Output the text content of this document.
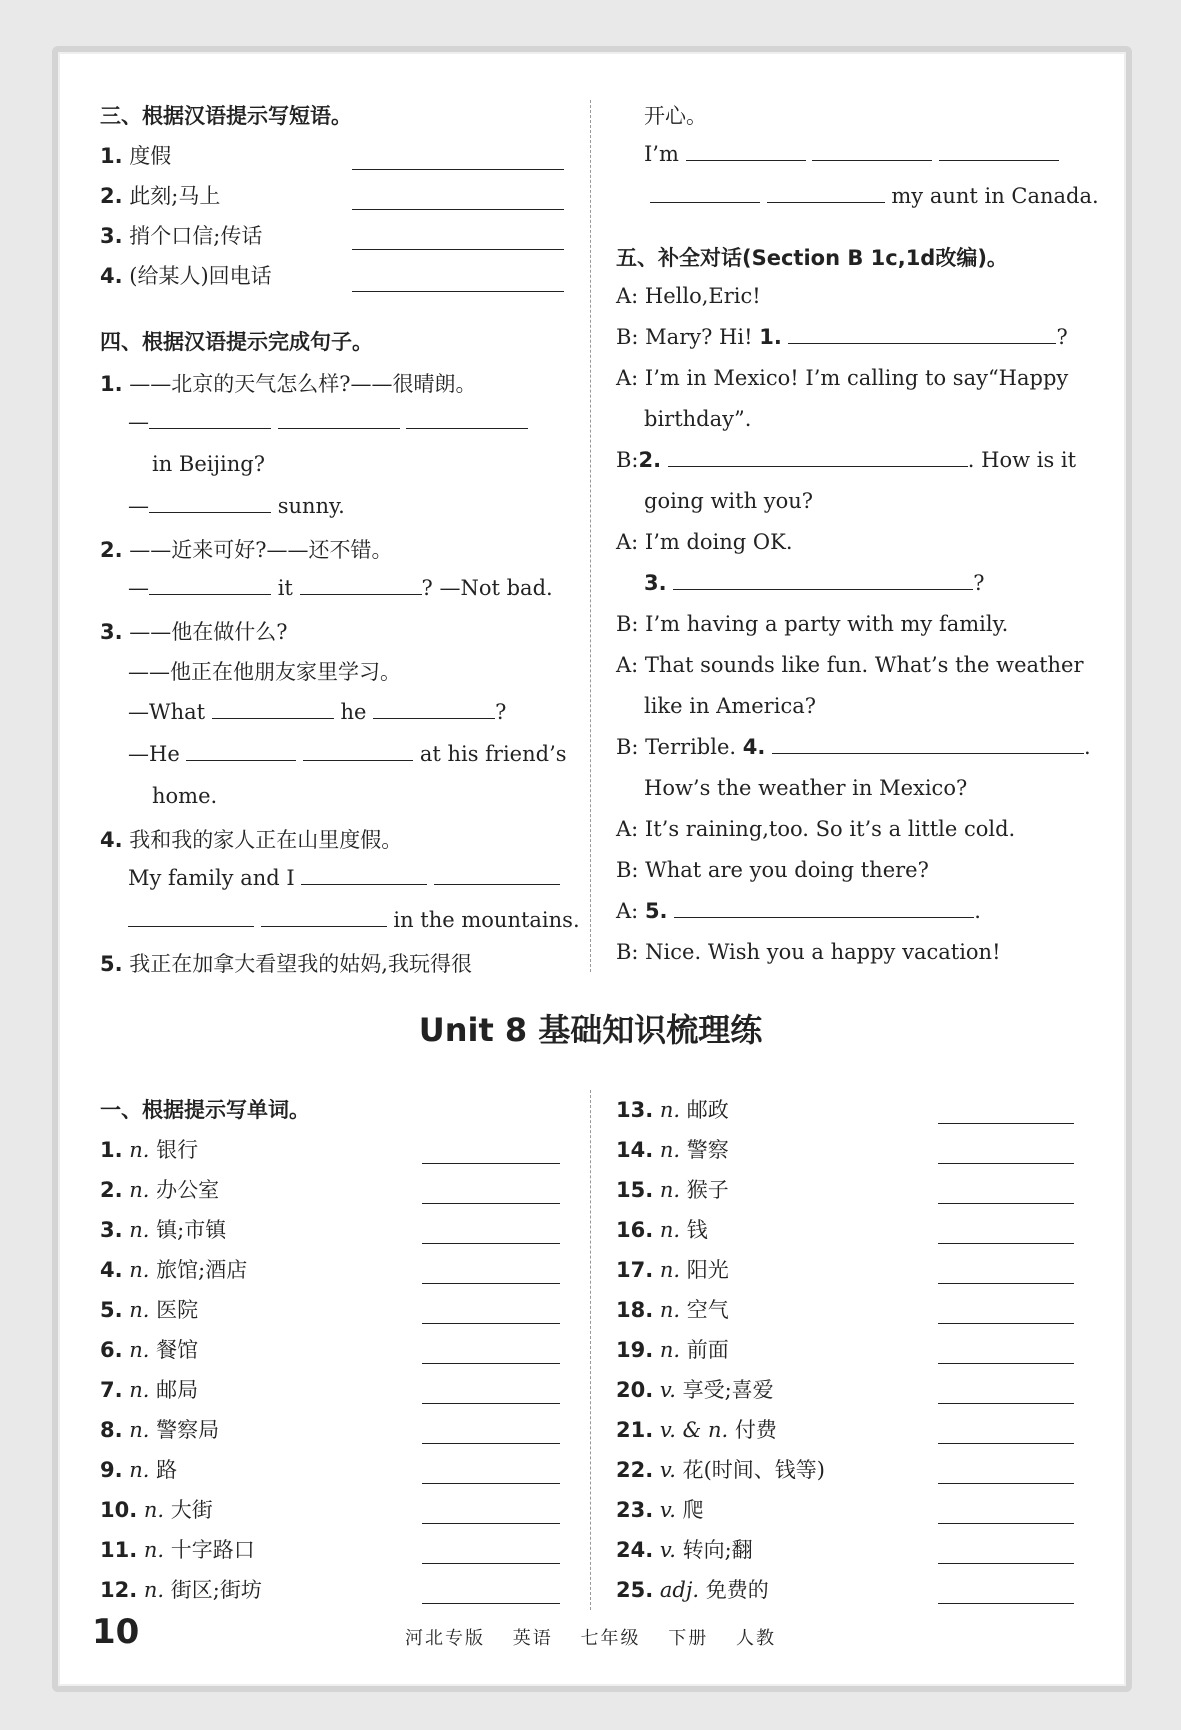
三、根据汉语提示写短语。
1. 度假
2. 此刻;马上
3. 捎个口信;传话
4. (给某人)回电话
四、根据汉语提示完成句子。
1. ——北京的天气怎么样?——很晴朗。
—
in Beijing?
—	sunny.
2. ——近来可好?——还不错。
—	it	? —Not bad.
3. ——他在做什么?
——他正在他朋友家里学习。
—What	he	?
—He	at his friend’s
home.
4. 我和我的家人正在山里度假。
My family and I
in the mountains.
5. 我正在加拿大看望我的姑妈,我玩得很
开心。
I’m
my aunt in Canada.
五、补全对话(Section B 1c,1d改编)。
A: Hello,Eric!
B: Mary? Hi! 1.	?
A: I’m in Mexico! I’m calling to say“Happy
birthday”.
B:2.	. How is it
going with you?
A: I’m doing OK.
3.	?
B: I’m having a party with my family.
A: That sounds like fun. What’s the weather
like in America?
B: Terrible. 4.	.
How’s the weather in Mexico?
A: It’s raining,too. So it’s a little cold.
B: What are you doing there?
A: 5.	.
B: Nice. Wish you a happy vacation!
Unit 8 基础知识梳理练
一、根据提示写单词。
1. n. 银行
2. n. 办公室
3. n. 镇;市镇
4. n. 旅馆;酒店
5. n. 医院
6. n. 餐馆
7. n. 邮局
8. n. 警察局
9. n. 路
10. n. 大街
11. n. 十字路口
12. n. 街区;街坊
13. n. 邮政
14. n. 警察
15. n. 猴子
16. n. 钱
17. n. 阳光
18. n. 空气
19. n. 前面
20. v. 享受;喜爱
21. v. & n. 付费
22. v. 花(时间、钱等)
23. v. 爬
24. v. 转向;翻
25. adj. 免费的
10	河北专版 英语 七年级 下册 人教
